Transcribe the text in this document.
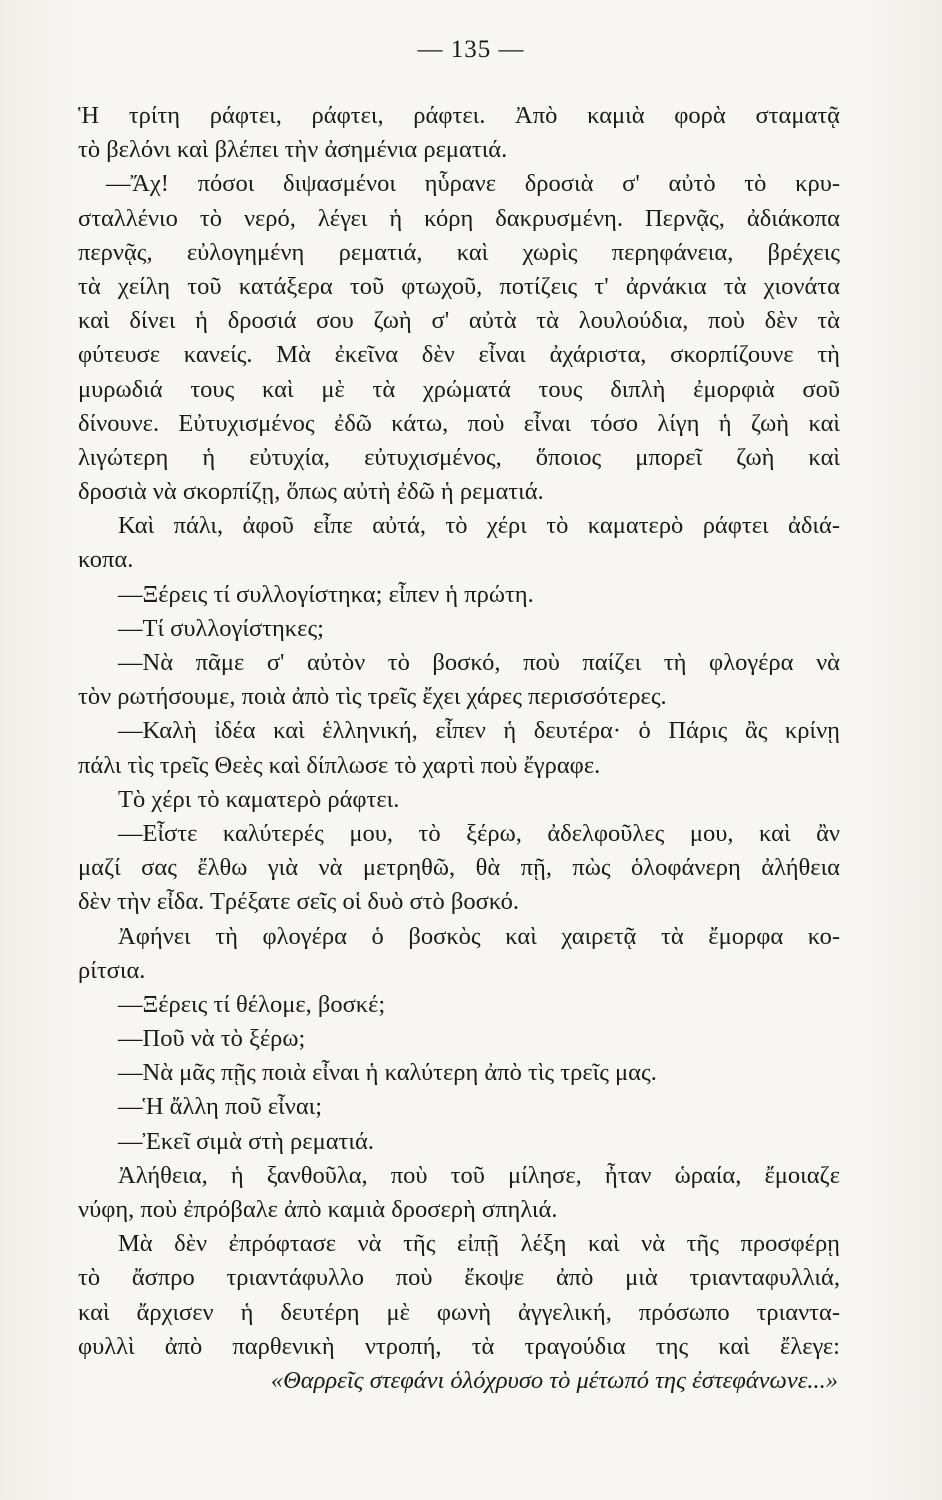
— 135 —
Ἡ τρίτη ράφτει, ράφτει, ράφτει. Ἀπὸ καμιὰ φορὰ σταματᾷ
τὸ βελόνι καὶ βλέπει τὴν ἀσημένια ρεματιά.
—Ἄχ! πόσοι διψασμένοι ηὗρανε δροσιὰ σ' αὐτὸ τὸ κρυ-
σταλλένιο τὸ νερό, λέγει ἡ κόρη δακρυσμένη. Περνᾷς, ἀδιάκοπα
περνᾷς, εὐλογημένη ρεματιά, καὶ χωρὶς περηφάνεια, βρέχεις
τὰ χείλη τοῦ κατάξερα τοῦ φτωχοῦ, ποτίζεις τ' ἀρνάκια τὰ χιονάτα
καὶ δίνει ἡ δροσιά σου ζωὴ σ' αὐτὰ τὰ λουλούδια, ποὺ δὲν τὰ
φύτευσε κανείς. Μὰ ἐκεῖνα δὲν εἶναι ἀχάριστα, σκορπίζουνε τὴ
μυρωδιά τους καὶ μὲ τὰ χρώματά τους διπλὴ ἐμορφιὰ σοῦ
δίνουνε. Εὐτυχισμένος ἐδῶ κάτω, ποὺ εἶναι τόσο λίγη ἡ ζωὴ καὶ
λιγώτερη ἡ εὐτυχία, εὐτυχισμένος, ὅποιος μπορεῖ ζωὴ καὶ
δροσιὰ νὰ σκορπίζῃ, ὅπως αὐτὴ ἐδῶ ἡ ρεματιά.
Καὶ πάλι, ἀφοῦ εἶπε αὐτά, τὸ χέρι τὸ καματερὸ ράφτει ἀδιά-
κοπα.
—Ξέρεις τί συλλογίστηκα; εἶπεν ἡ πρώτη.
—Τί συλλογίστηκες;
—Νὰ πᾶμε σ' αὐτὸν τὸ βοσκό, ποὺ παίζει τὴ φλογέρα νὰ
τὸν ρωτήσουμε, ποιὰ ἀπὸ τὶς τρεῖς ἔχει χάρες περισσότερες.
—Καλὴ ἰδέα καὶ ἑλληνική, εἶπεν ἡ δευτέρα· ὁ Πάρις ἂς κρίνῃ
πάλι τὶς τρεῖς Θεὲς καὶ δίπλωσε τὸ χαρτὶ ποὺ ἔγραφε.
Τὸ χέρι τὸ καματερὸ ράφτει.
—Εἶστε καλύτερές μου, τὸ ξέρω, ἀδελφοῦλες μου, καὶ ἂν
μαζί σας ἔλθω γιὰ νὰ μετρηθῶ, θὰ πῇ, πὼς ὁλοφάνερη ἀλήθεια
δὲν τὴν εἶδα. Τρέξατε σεῖς οἱ δυὸ στὸ βοσκό.
Ἀφήνει τὴ φλογέρα ὁ βοσκὸς καὶ χαιρετᾷ τὰ ἔμορφα κο-
ρίτσια.
—Ξέρεις τί θέλομε, βοσκέ;
—Ποῦ νὰ τὸ ξέρω;
—Νὰ μᾶς πῇς ποιὰ εἶναι ἡ καλύτερη ἀπὸ τὶς τρεῖς μας.
—Ἡ ἄλλη ποῦ εἶναι;
—Ἐκεῖ σιμὰ στὴ ρεματιά.
Ἀλήθεια, ἡ ξανθοῦλα, ποὺ τοῦ μίλησε, ἦταν ὡραία, ἔμοιαζε
νύφη, ποὺ ἐπρόβαλε ἀπὸ καμιὰ δροσερὴ σπηλιά.
Μὰ δὲν ἐπρόφτασε νὰ τῆς εἰπῇ λέξη καὶ νὰ τῆς προσφέρῃ
τὸ ἄσπρο τριαντάφυλλο ποὺ ἔκοψε ἀπὸ μιὰ τριανταφυλλιά,
καὶ ἄρχισεν ἡ δευτέρη μὲ φωνὴ ἀγγελική, πρόσωπο τριαντα-
φυλλὶ ἀπὸ παρθενικὴ ντροπή, τὰ τραγούδια της καὶ ἔλεγε:
«Θαρρεῖς στεφάνι ὁλόχρυσο τὸ μέτωπό της ἐστεφάνωνε...»
